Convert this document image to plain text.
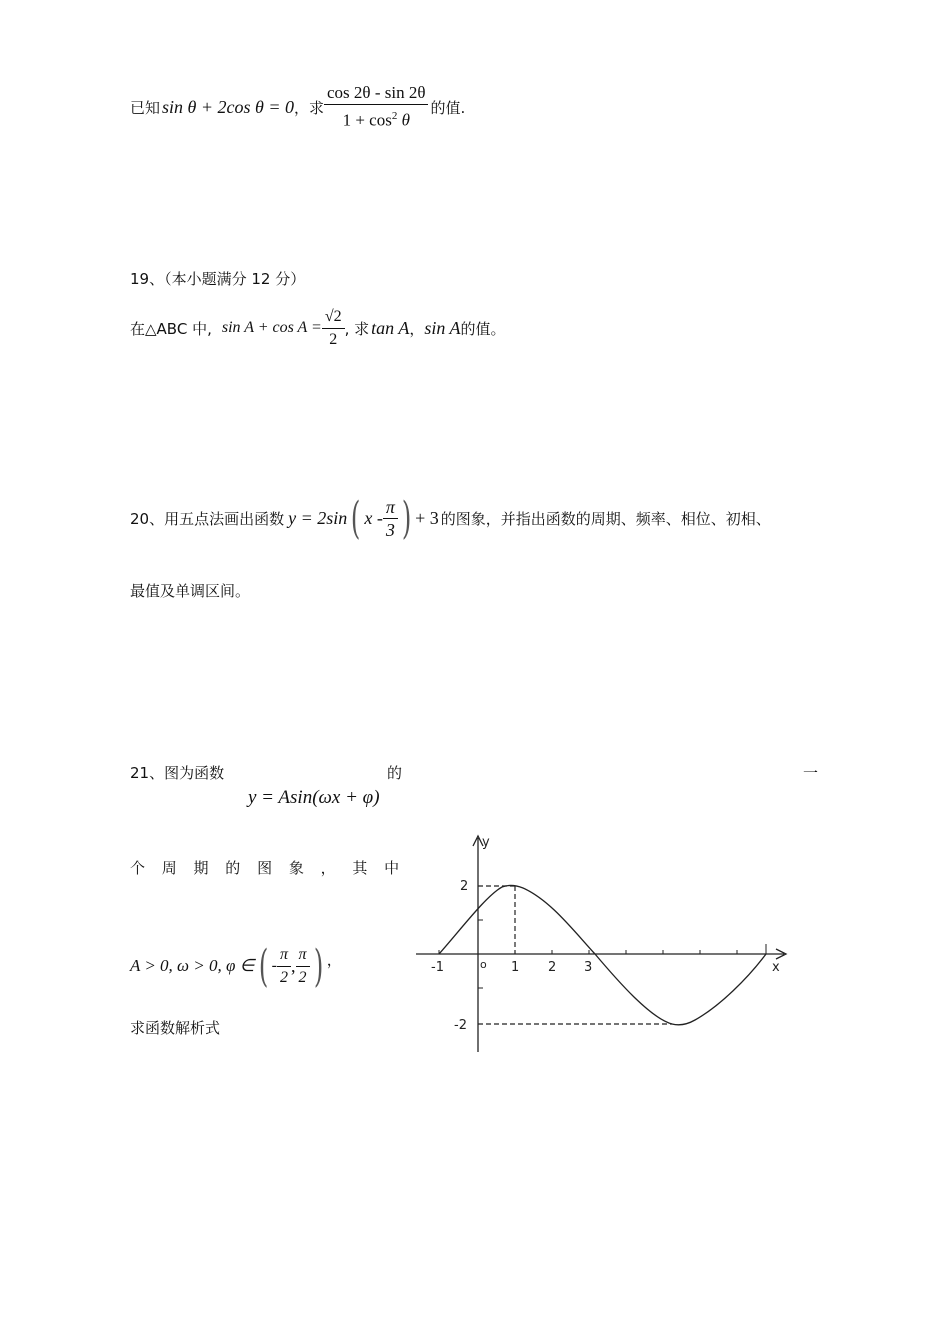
已知 sin θ + 2cos θ = 0 ，求 $\frac{\cos 2\theta - \sin 2\theta}{1 + \cos^2 \theta}$ 的值.
19、（本小题满分 12 分）
在△ABC 中, $\sin A + \cos A = \frac{√2}{2}$ , 求 tan A ， sin A 的值。
20、用五点法画出函数 y = 2sin ( x - $\frac{\pi}{3}$ ) + 3 的图象，并指出函数的周期、频率、相位、初相、
最值及单调区间。
21、图为函数	的	一
y = Asin(ωx + φ)
个 周 期 的 图 象 ， 其 中
A > 0, ω > 0, φ ∈ ( - $\frac{\pi}{2}$ , $\frac{\pi}{2}$ ) ，
求函数解析式
y
x
2
-2
-1	o 1 2 3
